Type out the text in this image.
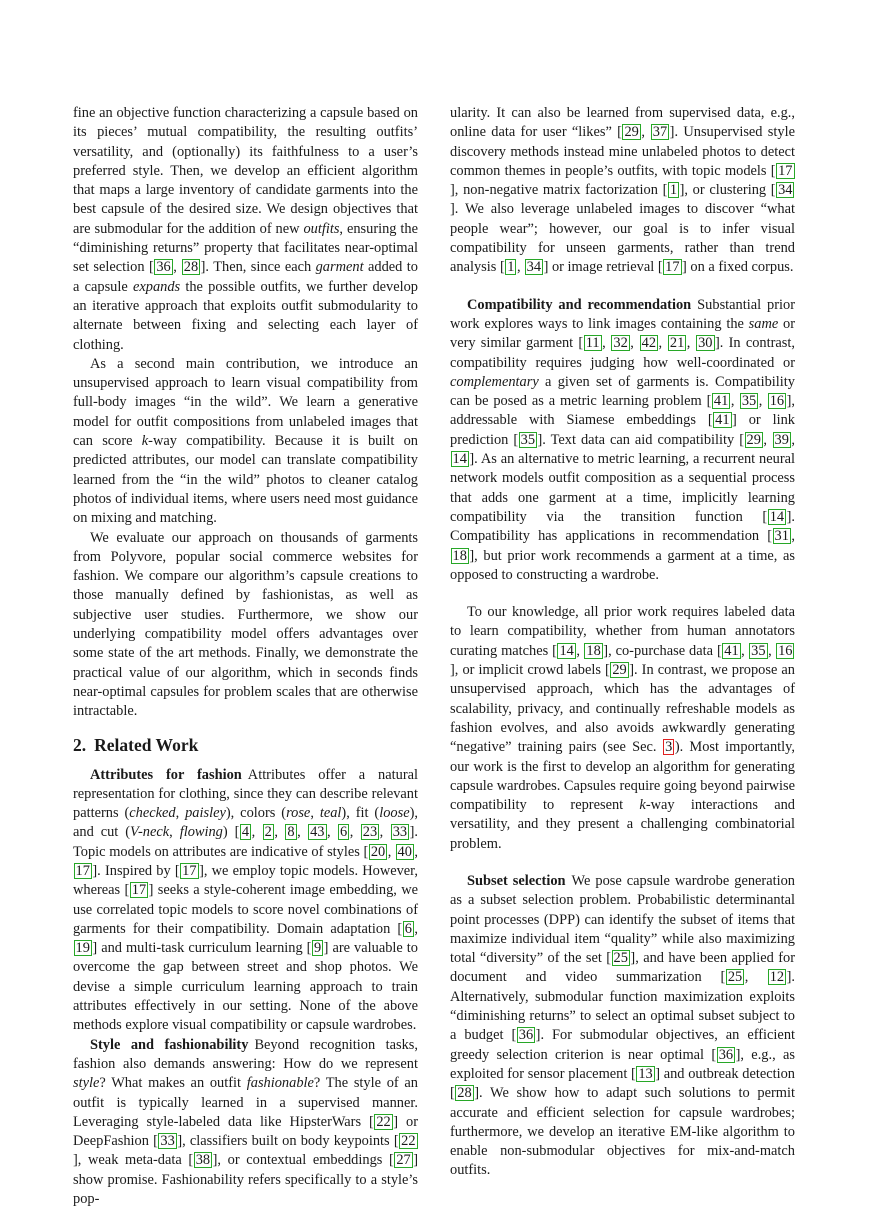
fine an objective function characterizing a capsule based on its pieces’ mutual compatibility, the resulting outfits’ versatility, and (optionally) its faithfulness to a user’s preferred style. Then, we develop an efficient algorithm that maps a large inventory of candidate garments into the best capsule of the desired size. We design objectives that are submodular for the addition of new outfits, ensuring the “diminishing returns” property that facilitates near-optimal set selection [ 36 , 28 ]. Then, since each garment added to a capsule expands the possible outfits, we further develop an iterative approach that exploits outfit submodularity to alternate between fixing and selecting each layer of clothing.

As a second main contribution, we introduce an unsupervised approach to learn visual compatibility from full-body images “in the wild”. We learn a generative model for outfit compositions from unlabeled images that can score k-way compatibility. Because it is built on predicted attributes, our model can translate compatibility learned from the “in the wild” photos to cleaner catalog photos of individual items, where users need most guidance on mixing and matching.

We evaluate our approach on thousands of garments from Polyvore, popular social commerce websites for fashion. We compare our algorithm’s capsule creations to those manually defined by fashionistas, as well as subjective user studies. Furthermore, we show our underlying compatibility model offers advantages over some state of the art methods. Finally, we demonstrate the practical value of our algorithm, which in seconds finds near-optimal capsules for problem scales that are otherwise intractable.

2. Related Work

Attributes for fashion Attributes offer a natural representation for clothing, since they can describe relevant patterns (checked, paisley), colors (rose, teal), fit (loose), and cut (V-neck, flowing) [ 4 , 2 , 8 , 43 , 6 , 23 , 33 ]. Topic models on attributes are indicative of styles [ 20 , 40 , 17 ]. Inspired by [ 17 ], we employ topic models. However, whereas [ 17 ] seeks a style-coherent image embedding, we use correlated topic models to score novel combinations of garments for their compatibility. Domain adaptation [ 6 , 19 ] and multi-task curriculum learning [ 9 ] are valuable to overcome the gap between street and shop photos. We devise a simple curriculum learning approach to train attributes effectively in our setting. None of the above methods explore visual compatibility or capsule wardrobes.

Style and fashionability Beyond recognition tasks, fashion also demands answering: How do we represent style? What makes an outfit fashionable? The style of an outfit is typically learned in a supervised manner. Leveraging style-labeled data like HipsterWars [ 22 ] or DeepFashion [ 33 ], classifiers built on body keypoints [ 22], weak meta-data [ 38 ], or contextual embeddings [ 27 ] show promise. Fashionability refers specifically to a style’s pop-

ularity. It can also be learned from supervised data, e.g., online data for user “likes” [ 29 , 37 ]. Unsupervised style discovery methods instead mine unlabeled photos to detect common themes in people’s outfits, with topic models [ 17], non-negative matrix factorization [ 1 ], or clustering [ 34]. We also leverage unlabeled images to discover “what people wear”; however, our goal is to infer visual compatibility for unseen garments, rather than trend analysis [ 1 , 34 ] or image retrieval [ 17 ] on a fixed corpus.

Compatibility and recommendation Substantial prior work explores ways to link images containing the same or very similar garment [ 11 , 32 , 42 , 21 , 30 ]. In contrast, compatibility requires judging how well-coordinated or complementary a given set of garments is. Compatibility can be posed as a metric learning problem [ 41 , 35 , 16 ], addressable with Siamese embeddings [ 41 ] or link prediction [ 35 ]. Text data can aid compatibility [ 29 , 39 , 14 ]. As an alternative to metric learning, a recurrent neural network models outfit composition as a sequential process that adds one garment at a time, implicitly learning compatibility via the transition function [ 14 ]. Compatibility has applications in recommendation [ 31 , 18 ], but prior work recommends a garment at a time, as opposed to constructing a wardrobe.

To our knowledge, all prior work requires labeled data to learn compatibility, whether from human annotators curating matches [ 14 , 18 ], co-purchase data [ 41 , 35 , 16], or implicit crowd labels [ 29 ]. In contrast, we propose an unsupervised approach, which has the advantages of scalability, privacy, and continually refreshable models as fashion evolves, and also avoids awkwardly generating “negative” training pairs (see Sec. 3 ). Most importantly, our work is the first to develop an algorithm for generating capsule wardrobes. Capsules require going beyond pairwise compatibility to represent k-way interactions and versatility, and they present a challenging combinatorial problem.

Subset selection We pose capsule wardrobe generation as a subset selection problem. Probabilistic determinantal point processes (DPP) can identify the subset of items that maximize individual item “quality” while also maximizing total “diversity” of the set [ 25 ], and have been applied for document and video summarization [ 25 , 12 ]. Alternatively, submodular function maximization exploits “diminishing returns” to select an optimal subset subject to a budget [ 36 ]. For submodular objectives, an efficient greedy selection criterion is near optimal [ 36 ], e.g., as exploited for sensor placement [ 13 ] and outbreak detection [ 28 ]. We show how to adapt such solutions to permit accurate and efficient selection for capsule wardrobes; furthermore, we develop an iterative EM-like algorithm to enable non-submodular objectives for mix-and-match outfits.
